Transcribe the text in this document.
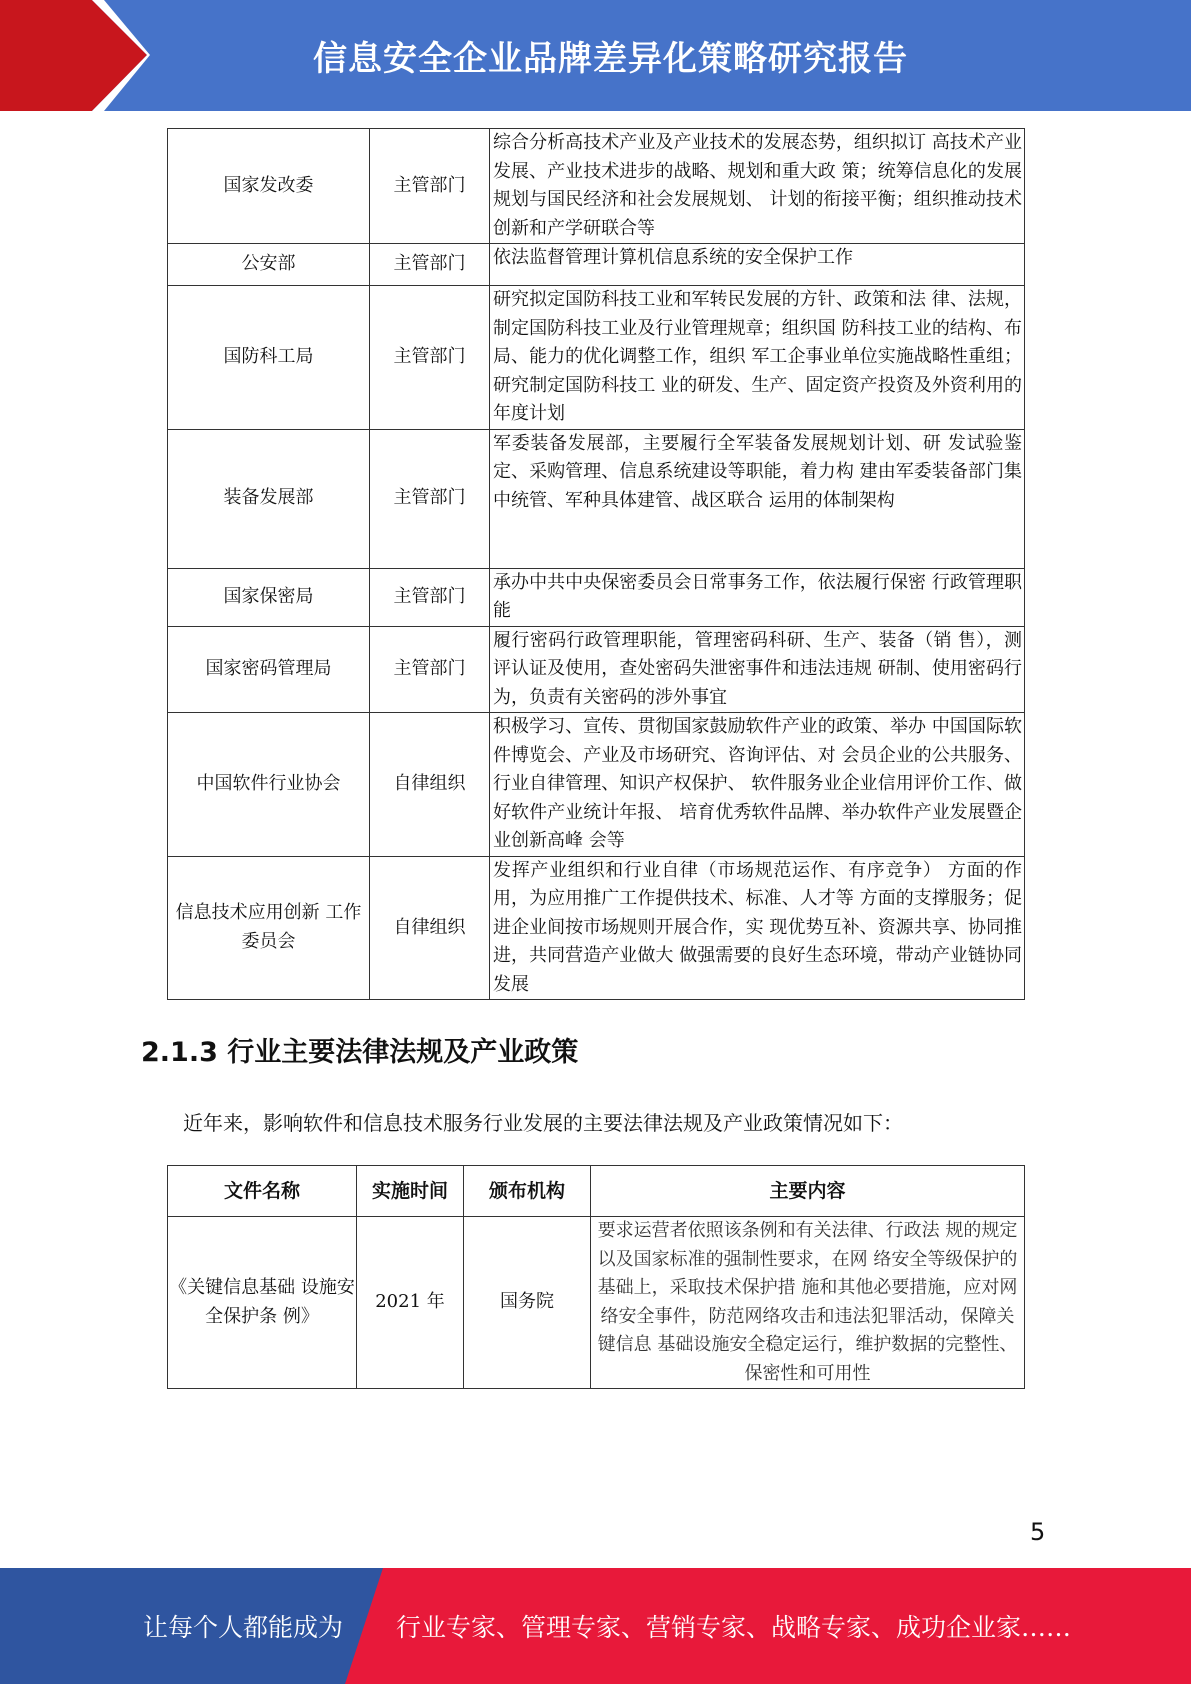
信息安全企业品牌差异化策略研究报告
国家发改委	主管部门	综合分析高技术产业及产业技术的发展态势，组织拟订 高技术产业发展、产业技术进步的战略、规划和重大政 策；统筹信息化的发展规划与国民经济和社会发展规划、 计划的衔接平衡；组织推动技术创新和产学研联合等
公安部	主管部门	依法监督管理计算机信息系统的安全保护工作
国防科工局	主管部门	研究拟定国防科技工业和军转民发展的方针、政策和法 律、法规，制定国防科技工业及行业管理规章；组织国 防科技工业的结构、布局、能力的优化调整工作，组织 军工企事业单位实施战略性重组；研究制定国防科技工 业的研发、生产、固定资产投资及外资利用的年度计划
装备发展部	主管部门	军委装备发展部，主要履行全军装备发展规划计划、研 发试验鉴定、采购管理、信息系统建设等职能，着力构 建由军委装备部门集中统管、军种具体建管、战区联合 运用的体制架构
国家保密局	主管部门	承办中共中央保密委员会日常事务工作，依法履行保密 行政管理职能
国家密码管理局	主管部门	履行密码行政管理职能，管理密码科研、生产、装备（销 售），测评认证及使用，查处密码失泄密事件和违法违规 研制、使用密码行为，负责有关密码的涉外事宜
中国软件行业协会	自律组织	积极学习、宣传、贯彻国家鼓励软件产业的政策、举办 中国国际软件博览会、产业及市场研究、咨询评估、对 会员企业的公共服务、行业自律管理、知识产权保护、 软件服务业企业信用评价工作、做好软件产业统计年报、 培育优秀软件品牌、举办软件产业发展暨企业创新高峰 会等
信息技术应用创新 工作委员会	自律组织	发挥产业组织和行业自律（市场规范运作、有序竞争） 方面的作用，为应用推广工作提供技术、标准、人才等 方面的支撑服务；促进企业间按市场规则开展合作，实 现优势互补、资源共享、协同推进，共同营造产业做大 做强需要的良好生态环境，带动产业链协同发展
2.1.3 行业主要法律法规及产业政策
近年来，影响软件和信息技术服务行业发展的主要法律法规及产业政策情况如下：
文件名称	实施时间	颁布机构	主要内容
《关键信息基础 设施安全保护条 例》	2021 年	国务院	要求运营者依照该条例和有关法律、行政法 规的规定以及国家标准的强制性要求，在网 络安全等级保护的基础上，采取技术保护措 施和其他必要措施，应对网络安全事件，防范网络攻击和违法犯罪活动，保障关键信息 基础设施安全稳定运行，维护数据的完整性、 保密性和可用性
5
让每个人都能成为 行业专家、管理专家、营销专家、战略专家、成功企业家……
